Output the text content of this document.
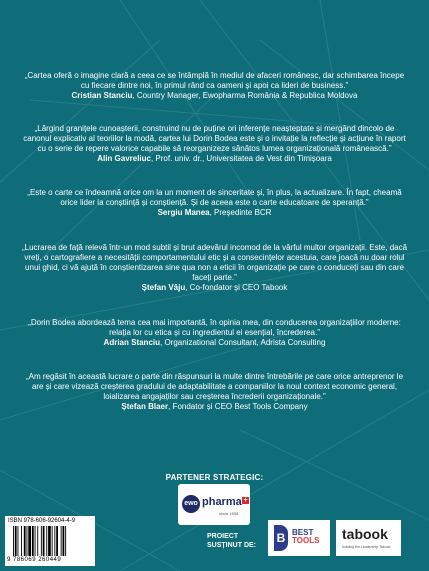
„Cartea oferă o imagine clară a ceea ce se întâmplă în mediul de afaceri românesc, dar schimbarea începe cu fiecare dintre noi, în primul rând ca oameni și apoi ca lideri de business.”

Cristian Stanciu, Country Manager, Ewopharma România & Republica Moldova

„Lărgind granițele cunoașterii, construind nu de puține ori inferențe neașteptate și mergând dincolo de canonul explicativ al teoriilor la modă, cartea lui Dorin Bodea este și o invitație la reflecție și acțiune în raport cu o serie de repere valorice capabile să reorganizeze sănătos lumea organizațională românească.”

Alin Gavreliuc, Prof. univ. dr., Universitatea de Vest din Timișoara

„Este o carte ce îndeamnă orice om la un moment de sinceritate și, în plus, la actualizare. În fapt, cheamă orice lider la conștiință și conștiență. Și de aceea este o carte educatoare de speranță.”

Sergiu Manea, Președinte BCR

„Lucrarea de față relevă într-un mod subtil și brut adevărul incomod de la vârful multor organizații. Este, dacă vreți, o cartografiere a necesității comportamentului etic și a consecințelor acestuia, care joacă nu doar rolul unui ghid, ci vă ajută în conștientizarea sine qua non a eticii în organizație pe care o conduceți sau din care faceți parte.”

Ștefan Vâju, Co-fondator și CEO Tabook

„Dorin Bodea abordează tema cea mai importantă, în opinia mea, din conducerea organizațiilor moderne: relația lor cu etica și cu ingredientul ei esențial, încrederea.”

Adrian Stanciu, Organizational Consultant, Adrista Consulting

„Am regăsit în această lucrare o parte din răspunsuri la multe dintre întrebările pe care orice antreprenor le are și care vizează creșterea gradului de adaptabilitate a companiilor la noul context economic general, loializarea angajaților sau creșterea încrederii organizaționale.”

Ștefan Blaer, Fondator și CEO Best Tools Company

PARTENER STRATEGIC:
ewo pharma +
since 1958
ISBN 978-606-92604-4-9
9 786069 260449
PROIECT
SUSȚINUT DE:
B BEST
TOOLS tabook
building the Leadership Tabook
